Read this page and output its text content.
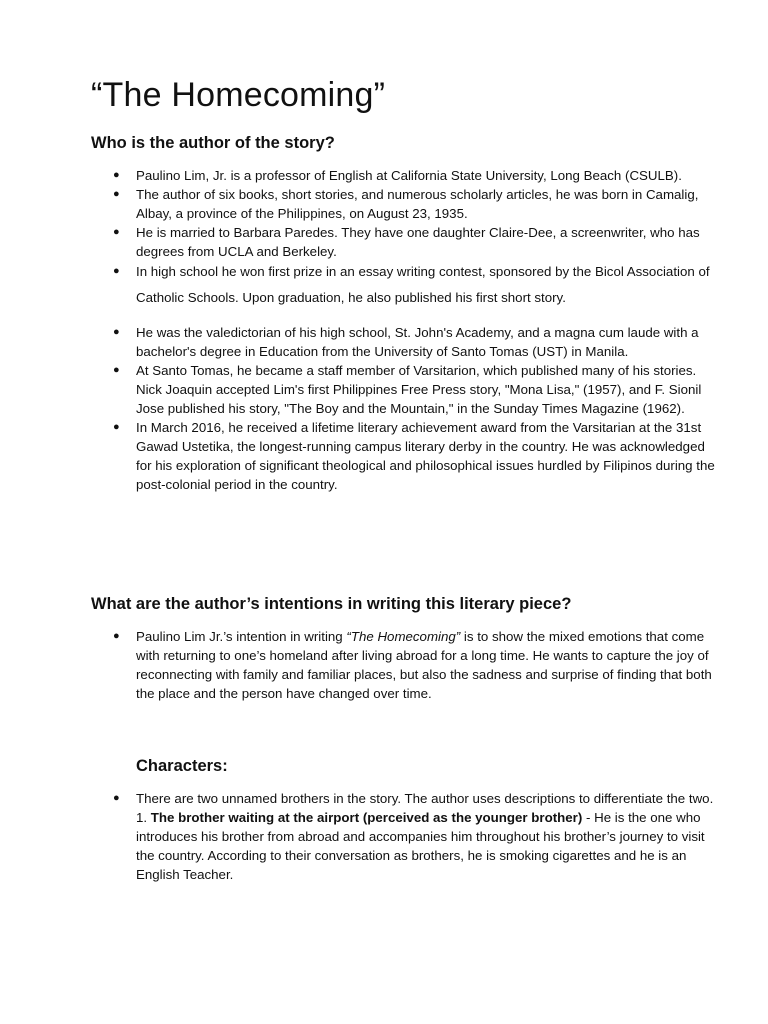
“The Homecoming”
Who is the author of the story?
● Paulino Lim, Jr. is a professor of English at California State University, Long Beach (CSULB).
● The author of six books, short stories, and numerous scholarly articles, he was born in Camalig, Albay, a province of the Philippines, on August 23, 1935.
● He is married to Barbara Paredes. They have one daughter Claire-Dee, a screenwriter, who has degrees from UCLA and Berkeley.
● In high school he won first prize in an essay writing contest, sponsored by the Bicol Association of Catholic Schools. Upon graduation, he also published his first short story.
● He was the valedictorian of his high school, St. John's Academy, and a magna cum laude with a bachelor's degree in Education from the University of Santo Tomas (UST) in Manila.
● At Santo Tomas, he became a staff member of Varsitarion, which published many of his stories. Nick Joaquin accepted Lim's first Philippines Free Press story, "Mona Lisa," (1957), and F. Sionil Jose published his story, "The Boy and the Mountain," in the Sunday Times Magazine (1962).
● In March 2016, he received a lifetime literary achievement award from the Varsitarian at the 31st Gawad Ustetika, the longest-running campus literary derby in the country. He was acknowledged for his exploration of significant theological and philosophical issues hurdled by Filipinos during the post-colonial period in the country.
What are the author’s intentions in writing this literary piece?
● Paulino Lim Jr.’s intention in writing “The Homecoming” is to show the mixed emotions that come with returning to one’s homeland after living abroad for a long time. He wants to capture the joy of reconnecting with family and familiar places, but also the sadness and surprise of finding that both the place and the person have changed over time.
Characters:
● There are two unnamed brothers in the story. The author uses descriptions to differentiate the two.
1. The brother waiting at the airport (perceived as the younger brother) - He is the one who introduces his brother from abroad and accompanies him throughout his brother’s journey to visit the country. According to their conversation as brothers, he is smoking cigarettes and he is an English Teacher.
